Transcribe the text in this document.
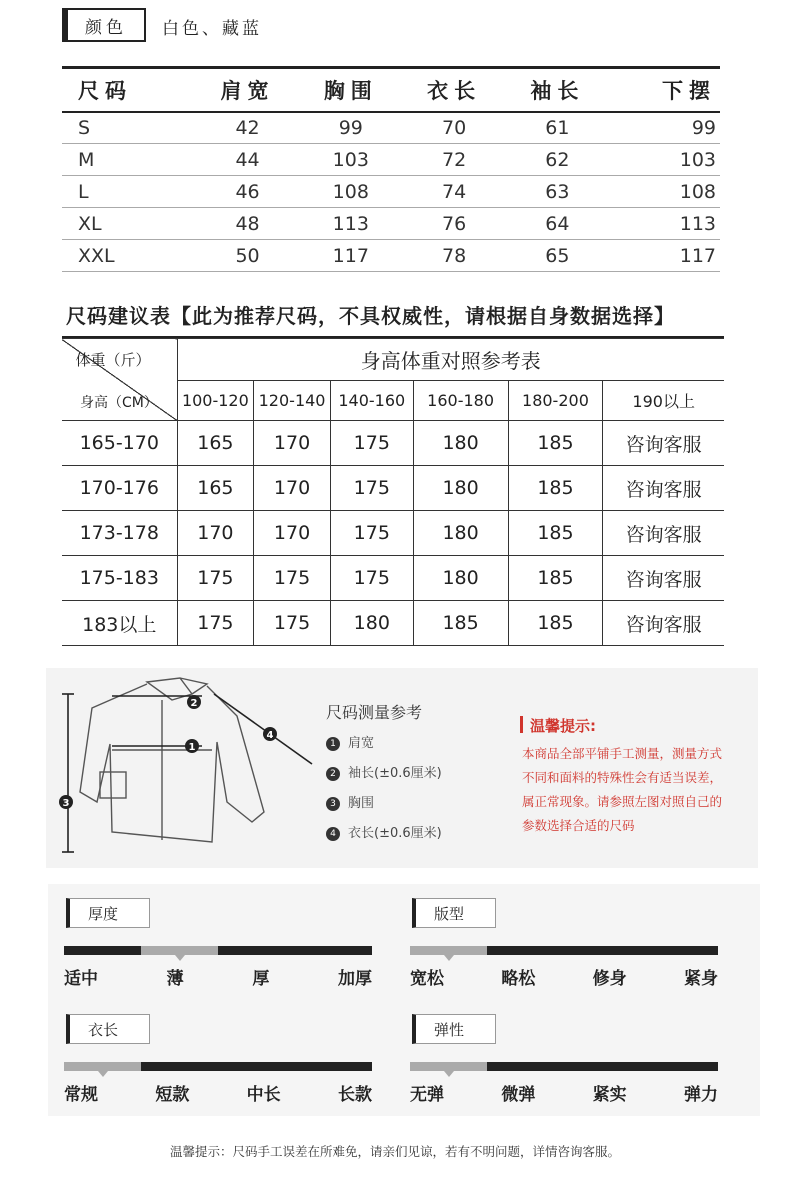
颜色	白色、藏蓝
尺码	肩宽	胸围	衣长	袖长	下摆
S	42	99	70	61	99
M	44	103	72	62	103
L	46	108	74	63	108
XL	48	113	76	64	113
XXL	50	117	78	65	117
尺码建议表【此为推荐尺码，不具权威性，请根据自身数据选择】
体重（斤）
身高（CM）	身高体重对照参考表					
	100-120	120-140	140-160	160-180	180-200	190以上
165-170	165	170	175	180	185	咨询客服
170-176	165	170	175	180	185	咨询客服
173-178	170	170	175	180	185	咨询客服
175-183	175	175	175	180	185	咨询客服
183以上	175	175	180	185	185	咨询客服
1
2
3
4
尺码测量参考
1 肩宽
2 袖长(±0.6厘米)
3 胸围
4 衣长(±0.6厘米)
温馨提示:
本商品全部平铺手工测量，测量方式不同和面料的特殊性会有适当误差，属正常现象。请参照左图对照自己的参数选择合适的尺码
厚度
适中	薄	厚	加厚
版型
宽松	略松	修身	紧身
衣长
常规	短款	中长	长款
弹性
无弹	微弹	紧实	弹力
温馨提示：尺码手工误差在所难免，请亲们见谅，若有不明问题，详情咨询客服。
